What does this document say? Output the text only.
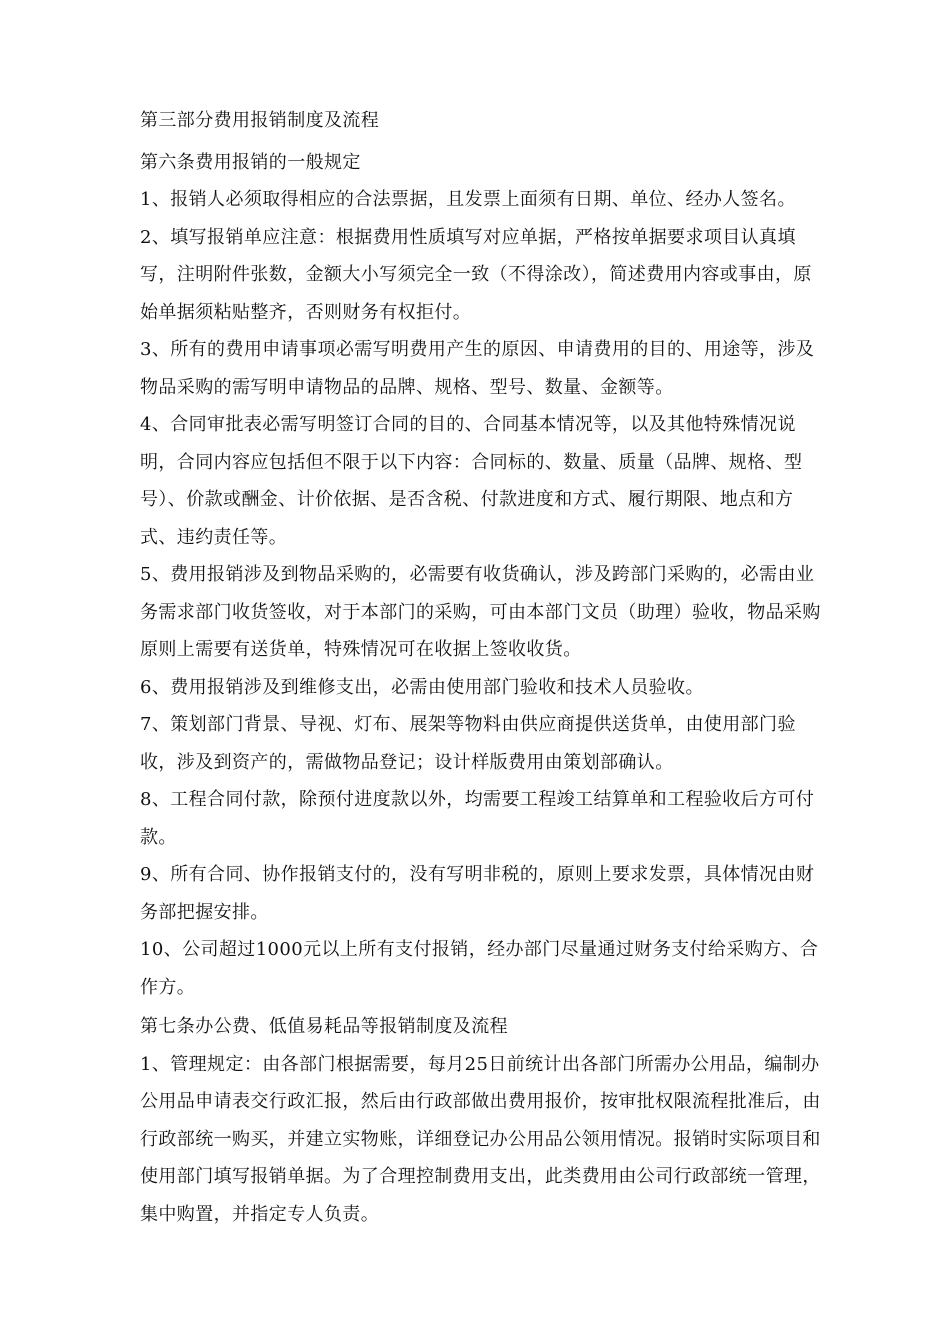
第三部分费用报销制度及流程

第六条费用报销的一般规定

1、报销人必须取得相应的合法票据，且发票上面须有日期、单位、经办人签名。

2、填写报销单应注意：根据费用性质填写对应单据，严格按单据要求项目认真填写，注明附件张数，金额大小写须完全一致（不得涂改），简述费用内容或事由，原始单据须粘贴整齐，否则财务有权拒付。

3、所有的费用申请事项必需写明费用产生的原因、申请费用的目的、用途等，涉及物品采购的需写明申请物品的品牌、规格、型号、数量、金额等。

4、合同审批表必需写明签订合同的目的、合同基本情况等，以及其他特殊情况说明，合同内容应包括但不限于以下内容：合同标的、数量、质量（品牌、规格、型号）、价款或酬金、计价依据、是否含税、付款进度和方式、履行期限、地点和方式、违约责任等。

5、费用报销涉及到物品采购的，必需要有收货确认，涉及跨部门采购的，必需由业务需求部门收货签收，对于本部门的采购，可由本部门文员（助理）验收，物品采购原则上需要有送货单，特殊情况可在收据上签收收货。

6、费用报销涉及到维修支出，必需由使用部门验收和技术人员验收。

7、策划部门背景、导视、灯布、展架等物料由供应商提供送货单，由使用部门验收，涉及到资产的，需做物品登记；设计样版费用由策划部确认。

8、工程合同付款，除预付进度款以外，均需要工程竣工结算单和工程验收后方可付款。

9、所有合同、协作报销支付的，没有写明非税的，原则上要求发票，具体情况由财务部把握安排。

10、公司超过1000元以上所有支付报销，经办部门尽量通过财务支付给采购方、合作方。

第七条办公费、低值易耗品等报销制度及流程

1、管理规定：由各部门根据需要，每月25日前统计出各部门所需办公用品，编制办公用品申请表交行政汇报，然后由行政部做出费用报价，按审批权限流程批准后，由行政部统一购买，并建立实物账，详细登记办公用品公领用情况。报销时实际项目和使用部门填写报销单据。为了合理控制费用支出，此类费用由公司行政部统一管理，集中购置，并指定专人负责。
